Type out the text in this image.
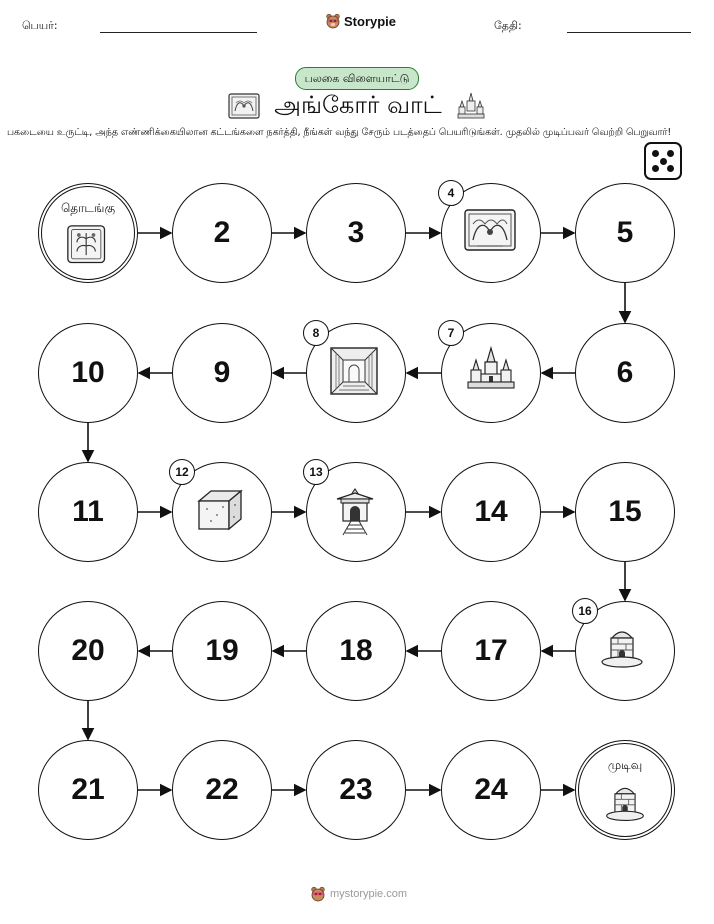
பெயர்:	Storypie	தேதி:
பலகை விளையாட்டு
அங்கோர் வாட்
பகடையை உருட்டி, அந்த எண்ணிக்கையிலான கட்டங்களை நகர்த்தி, நீங்கள் வந்து சேரும் படத்தைப் பெயரிடுங்கள். முதலில் முடிப்பவர் வெற்றி பெறுவார்!
தொடங்கு
2	3
4
5
6
7
8
9
10
11
12	13
14	15
16
17
18
19
20
21	22	23	24
முடிவு
mystorypie.com
